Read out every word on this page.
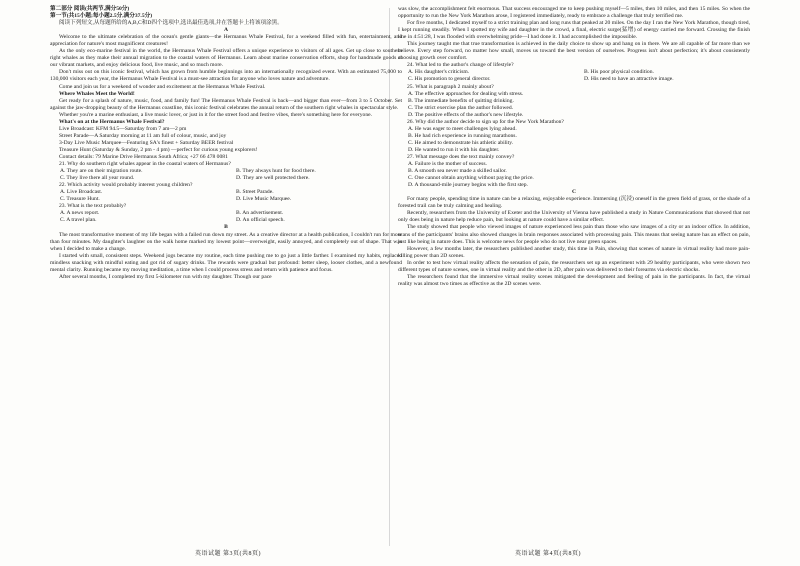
第二部分 阅读(共两节,满分50分)

第一节(共15小题;每小题2.5分,满分37.5分)

阅读下列短文,从每题所给的A,B,C和D四个选项中,选出最佳选项,并在答题卡上将该项涂黑。

A

Welcome to the ultimate celebration of the ocean's gentle giants—the Hermanus Whale Festival, for a weekend filled with fun, entertainment, and appreciation for nature's most magnificent creatures!

As the only eco-marine festival in the world, the Hermanus Whale Festival offers a unique experience to visitors of all ages. Get up close to southern right whales as they make their annual migration to the coastal waters of Hermanus. Learn about marine conservation efforts, shop for handmade goods at our vibrant markets, and enjoy delicious food, live music, and so much more.

Don't miss out on this iconic festival, which has grown from humble beginnings into an internationally recognized event. With an estimated 75,000 to 130,000 visitors each year, the Hermanus Whale Festival is a must-see attraction for anyone who loves nature and adventure.

Come and join us for a weekend of wonder and excitement at the Hermanus Whale Festival.

Where Whales Meet the World!

Get ready for a splash of nature, music, food, and family fun! The Hermanus Whale Festival is back—and bigger than ever—from 3 to 5 October. Set against the jaw-dropping beauty of the Hermanus coastline, this iconic festival celebrates the annual return of the southern right whales in spectacular style.

Whether you're a marine enthusiast, a live music lover, or just in it for the street food and festive vibes, there's something here for everyone.

What's on at the Hermanus Whale Festival?

Live Broadcast: KFM 94.5—Saturday from 7 am—2 pm

Street Parade—A Saturday morning at 11 am full of colour, music, and joy

3-Day Live Music Marquee—Featuring SA's finest + Saturday BEER festival

Treasure Hunt (Saturday & Sunday, 2 pm - 4 pm) —perfect for curious young explorers!

Contact details: 79 Marine Drive Hermanus South Africa; +27 66 478 0081

21. Why do southern right whales appear in the coastal waters of Hermanus?

A. They are on their migration route.	B. They always hunt for food there.
C. They live there all year round.	D. They are well protected there.

22. Which activity would probably interest young children?

A. Live Broadcast.	B. Street Parade.
C. Treasure Hunt.	D. Live Music Marquee.

23. What is the text probably?

A. A news report.	B. An advertisement.
C. A travel plan.	D. An official speech.

B

The most transformative moment of my life began with a failed run down my street. As a creative director at a health publication, I couldn't run for more than four minutes. My daughter's laughter on the walk home marked my lowest point—overweight, easily annoyed, and completely out of shape. That was when I decided to make a change.

I started with small, consistent steps. Weekend jogs became my routine, each time pushing me to go just a little farther. I examined my habits, replaced mindless snacking with mindful eating and got rid of sugary drinks. The rewards were gradual but profound: better sleep, looser clothes, and a newfound mental clarity. Running became my moving meditation, a time when I could process stress and return with patience and focus.

After several months, I completed my first 5-kilometer run with my daughter. Though our pace

was slow, the accomplishment felt enormous. That success encouraged me to keep pushing myself—5 miles, then 10 miles, and then 15 miles. So when the opportunity to run the New York Marathon arose, I registered immediately, ready to embrace a challenge that truly terrified me.

For five months, I dedicated myself to a strict training plan and long runs that peaked at 20 miles. On the day I ran the New York Marathon, though tired, I kept running steadily. When I spotted my wife and daughter in the crowd, a final, electric surge(猛增) of energy carried me forward. Crossing the finish line in 4:51:28, I was flooded with overwhelming pride—I had done it. I had accomplished the impossible.

This journey taught me that true transformation is achieved in the daily choice to show up and hang on in there. We are all capable of far more than we believe. Every step forward, no matter how small, moves us toward the best version of ourselves. Progress isn't about perfection; it's about consistently choosing growth over comfort.

24. What led to the author's change of lifestyle?

A. His daughter's criticism.	B. His poor physical condition.
C. His promotion to general director.	D. His need to have an attractive image.

25. What is paragraph 2 mainly about?

A. The effective approaches for dealing with stress.
B. The immediate benefits of quitting drinking.
C. The strict exercise plan the author followed.
D. The positive effects of the author's new lifestyle.

26. Why did the author decide to sign up for the New York Marathon?

A. He was eager to meet challenges lying ahead.
B. He had rich experience in running marathons.
C. He aimed to demonstrate his athletic ability.
D. He wanted to run it with his daughter.

27. What message does the text mainly convey?

A. Failure is the mother of success.
B. A smooth sea never made a skilled sailor.
C. One cannot obtain anything without paying the price.
D. A thousand-mile journey begins with the first step.

C

For many people, spending time in nature can be a relaxing, enjoyable experience. Immersing (沉浸) oneself in the green field of grass, or the shade of a forested trail can be truly calming and healing.

Recently, researchers from the University of Exeter and the University of Vienna have published a study in Nature Communications that showed that not only does being in nature help reduce pain, but looking at nature could have a similar effect.

The study showed that people who viewed images of nature experienced less pain than those who saw images of a city or an indoor office. In addition, scans of the participants' brains also showed changes in brain responses associated with processing pain. This means that seeing nature has an effect on pain, just like being in nature does. This is welcome news for people who do not live near green spaces.

However, a few months later, the researchers published another study, this time in Pain, showing that scenes of nature in virtual reality had more pain-killing power than 2D scenes.

In order to test how virtual reality affects the sensation of pain, the researchers set up an experiment with 29 healthy participants, who were shown two different types of nature scenes, one in virtual reality and the other in 2D, after pain was delivered to their forearms via electric shocks.

The researchers found that the immersive virtual reality scenes mitigated the development and feeling of pain in the participants. In fact, the virtual reality was almost two times as effective as the 2D scenes were.

英语试题 第3页(共8页)	英语试题 第4页(共8页)
